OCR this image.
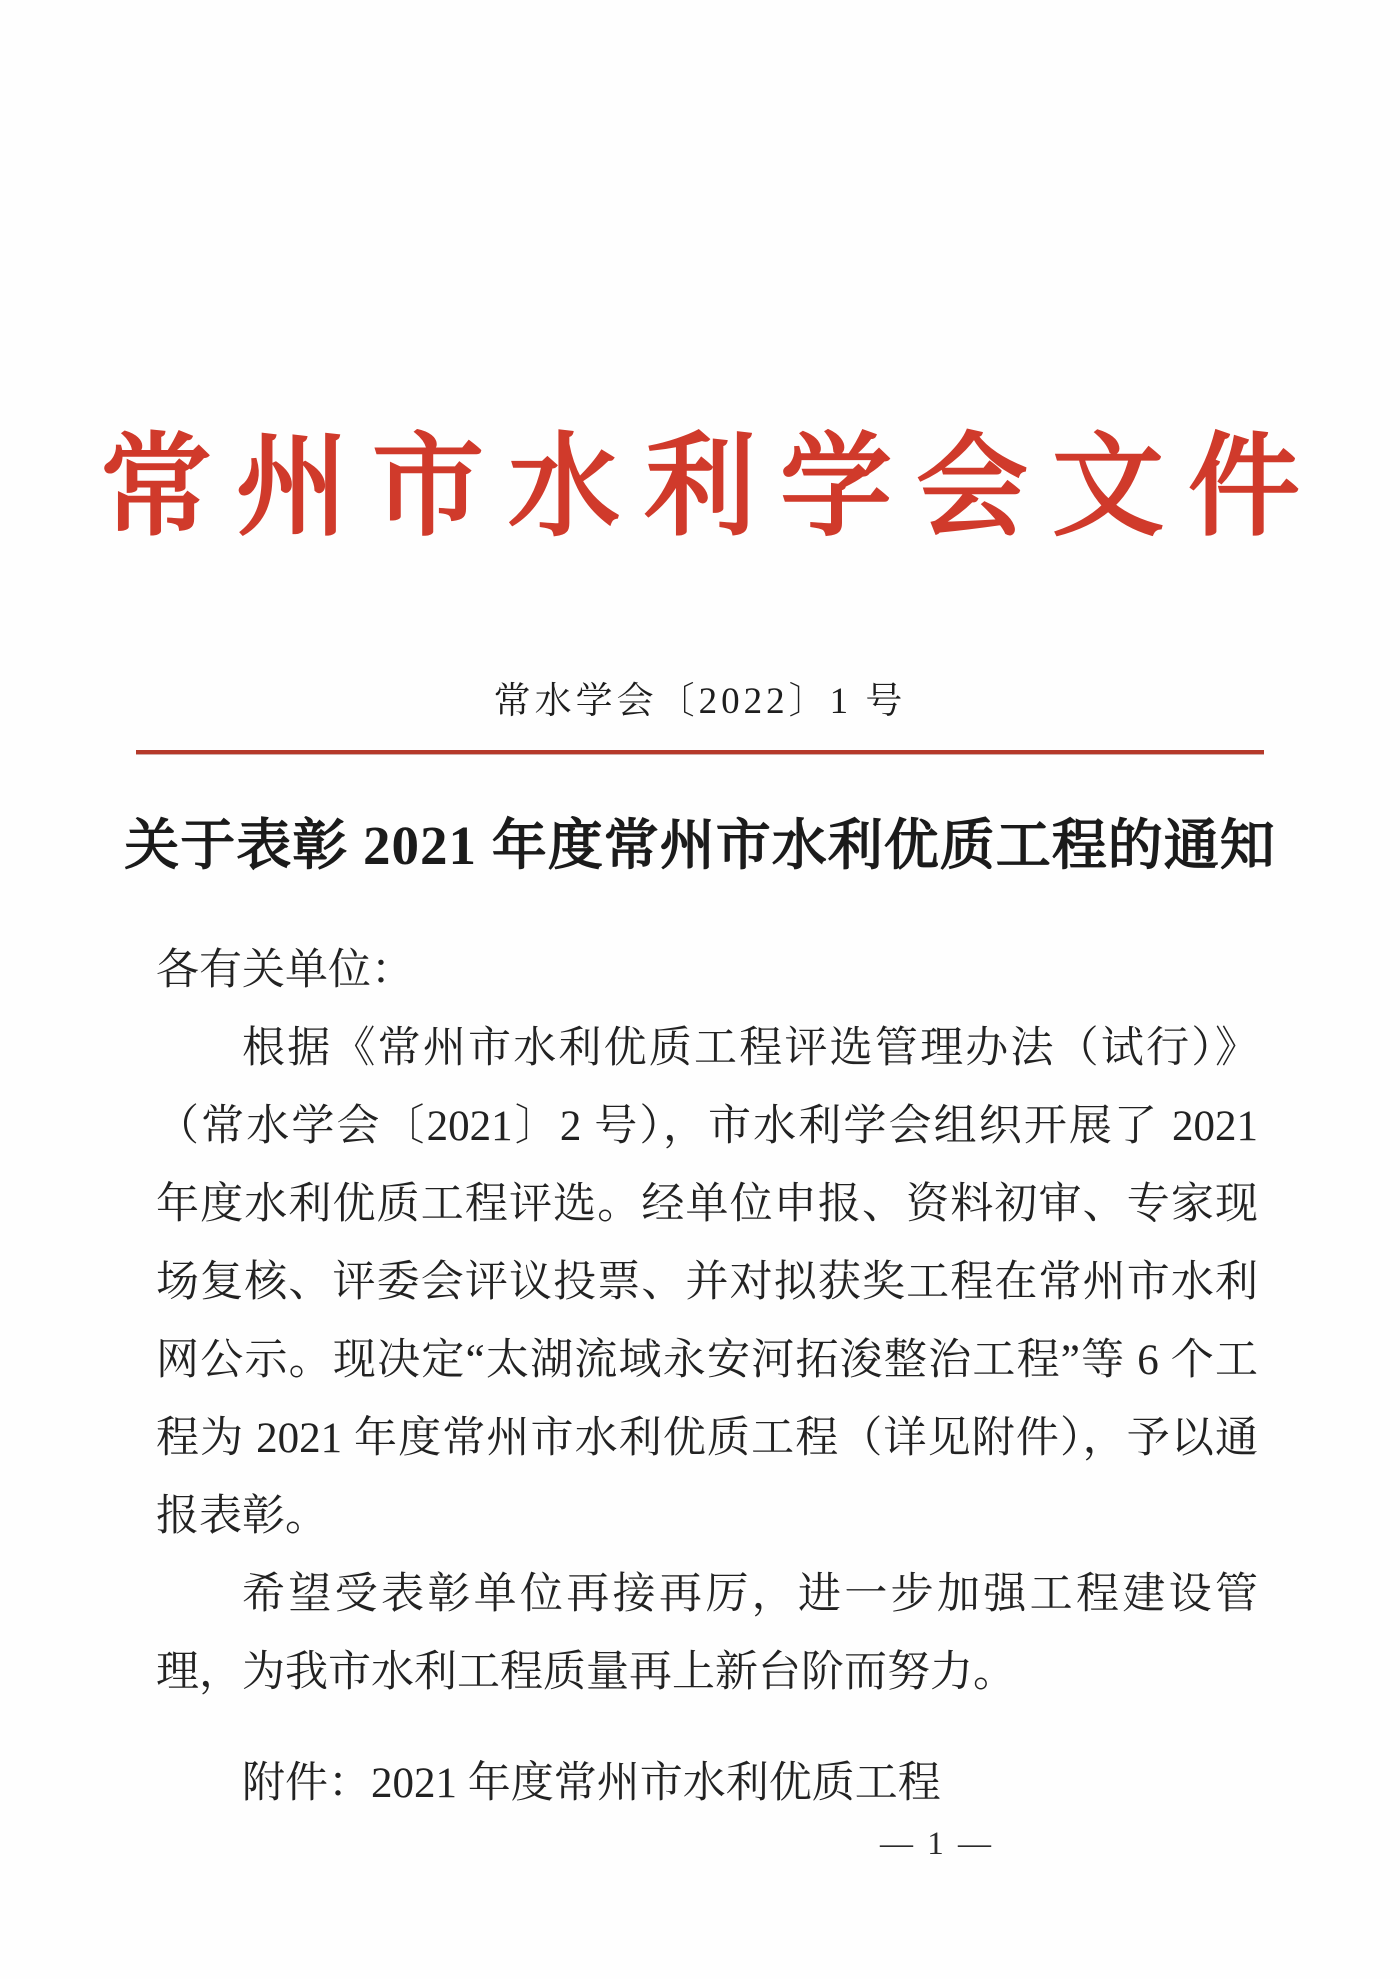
常州市水利学会文件
常水学会〔2022〕1 号
关于表彰 2021 年度常州市水利优质工程的通知

各有关单位：

根据《常州市水利优质工程评选管理办法（试行）》（常水学会〔2021〕2 号），市水利学会组织开展了 2021 年度水利优质工程评选。经单位申报、资料初审、专家现场复核、评委会评议投票、并对拟获奖工程在常州市水利网公示。现决定“太湖流域永安河拓浚整治工程”等 6 个工程为 2021 年度常州市水利优质工程（详见附件），予以通报表彰。

希望受表彰单位再接再厉，进一步加强工程建设管理，为我市水利工程质量再上新台阶而努力。

附件：2021 年度常州市水利优质工程

— 1 —
